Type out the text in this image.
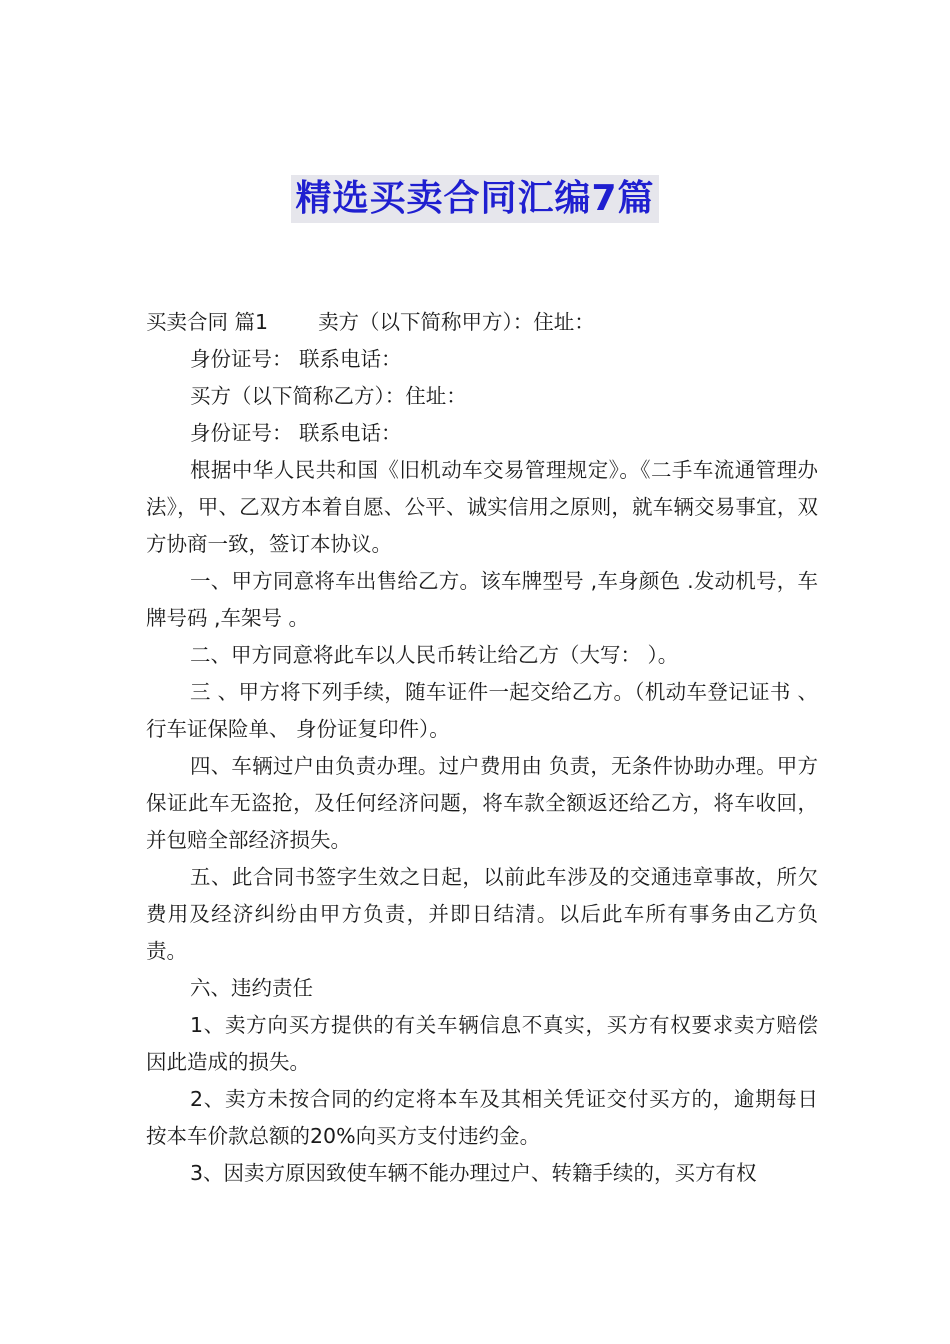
精选买卖合同汇编7篇

买卖合同 篇1 卖方（以下简称甲方）：住址：

身份证号： 联系电话：

买方（以下简称乙方）：住址：

身份证号： 联系电话：

根据中华人民共和国《旧机动车交易管理规定》。《二手车流通管理办法》，甲、乙双方本着自愿、公平、诚实信用之原则，就车辆交易事宜，双方协商一致，签订本协议。

一、甲方同意将车出售给乙方。该车牌型号 ,车身颜色 .发动机号，车牌号码 ,车架号 。

二、甲方同意将此车以人民币转让给乙方（大写： ）。

三 、甲方将下列手续，随车证件一起交给乙方。（机动车登记证书 、行车证保险单、 身份证复印件）。

四、车辆过户由负责办理。过户费用由 负责，无条件协助办理。甲方保证此车无盗抢，及任何经济问题，将车款全额返还给乙方，将车收回，并包赔全部经济损失。

五、此合同书签字生效之日起，以前此车涉及的交通违章事故，所欠费用及经济纠纷由甲方负责，并即日结清。以后此车所有事务由乙方负责。

六、违约责任

1、卖方向买方提供的有关车辆信息不真实，买方有权要求卖方赔偿因此造成的损失。

2、卖方未按合同的约定将本车及其相关凭证交付买方的，逾期每日按本车价款总额的20%向买方支付违约金。

3、因卖方原因致使车辆不能办理过户、转籍手续的，买方有权
